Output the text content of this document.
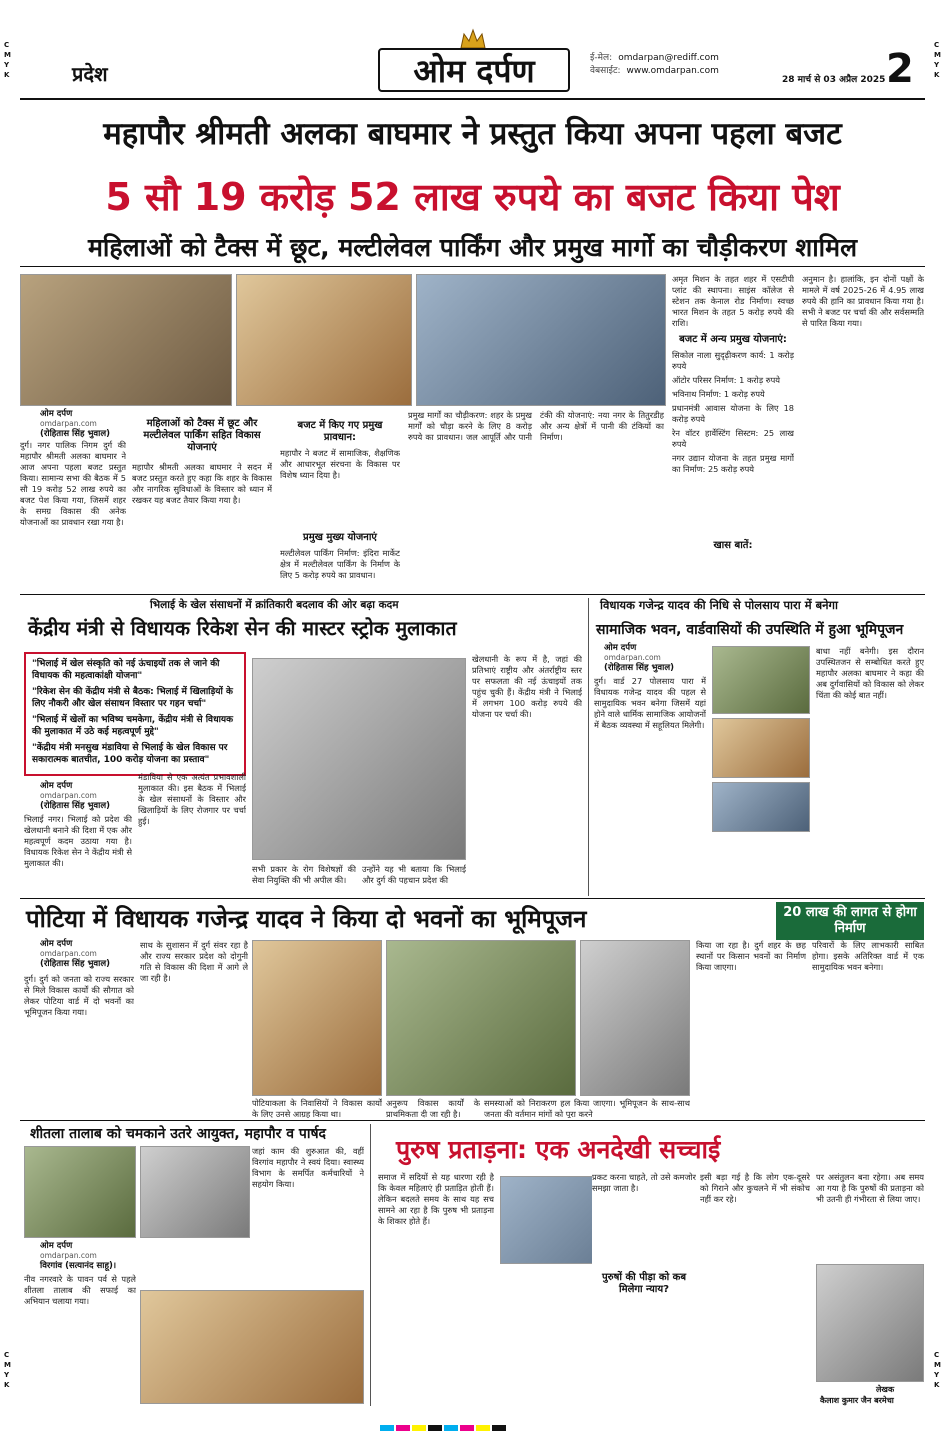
C
M
Y
K
C
M
Y
K
C
M
Y
K
C
M
Y
K
प्रदेश	ओम दर्पण	ई-मेल: omdarpan@rediff.com
वेबसाईट: www.omdarpan.com
28 मार्च से 03 अप्रैल 2025 2
महापौर श्रीमती अलका बाघमार ने प्रस्तुत किया अपना पहला बजट
5 सौ 19 करोड़ 52 लाख रुपये का बजट किया पेश
महिलाओं को टैक्स में छूट, मल्टीलेवल पार्किंग और प्रमुख मार्गो का चौड़ीकरण शामिल
ओम दर्पण
omdarpan.com
(रोहितास सिंह भुवाल)
दुर्ग। नगर पालिक निगम दुर्ग की महापौर श्रीमती अलका बाघमार ने आज अपना पहला बजट प्रस्तुत किया। सामान्य सभा की बैठक में 5 सौ 19 करोड़ 52 लाख रुपये का बजट पेश किया गया, जिसमें शहर के समग्र विकास की अनेक योजनाओं का प्रावधान रखा गया है।
महिलाओं को टैक्स में छूट और मल्टीलेवल पार्किंग सहित विकास योजनाएं
महापौर श्रीमती अलका बाघमार ने सदन में बजट प्रस्तुत करते हुए कहा कि शहर के विकास और नागरिक सुविधाओं के विस्तार को ध्यान में रखकर यह बजट तैयार किया गया है।
बजट में किए गए प्रमुख प्रावधान:
महापौर ने बजट में सामाजिक, शैक्षणिक और आधारभूत संरचना के विकास पर विशेष ध्यान दिया है।
प्रमुख मुख्य योजनाएं
मल्टीलेवल पार्किंग निर्माण: इंदिरा मार्केट क्षेत्र में मल्टीलेवल पार्किंग के निर्माण के लिए 5 करोड़ रुपये का प्रावधान।
प्रमुख मार्गों का चौड़ीकरण: शहर के प्रमुख मार्गों को चौड़ा करने के लिए 8 करोड़ रुपये का प्रावधान। जल आपूर्ति और पानी टंकी की योजनाएं: नया नगर के तितुरडीह और अन्य क्षेत्रों में पानी की टंकियों का निर्माण।
अमृत मिशन के तहत शहर में एसटीपी प्लांट की स्थापना। साइंस कॉलेज से स्टेशन तक केनाल रोड निर्माण। स्वच्छ भारत मिशन के तहत 5 करोड़ रुपये की राशि।
बजट में अन्य प्रमुख योजनाएं:
सिकोल नाला सुदृढ़ीकरण कार्य: 1 करोड़ रुपये
ऑटोर परिसर निर्माण: 1 करोड़ रुपये
भविनाथ निर्माण: 1 करोड़ रुपये
प्रधानमंत्री आवास योजना के लिए 18 करोड़ रुपये
रेन वॉटर हार्वेस्टिंग सिस्टम: 25 लाख रुपये
नगर उद्यान योजना के तहत प्रमुख मार्गो का निर्माण: 25 करोड़ रुपये
खास बातें:
अनुमान है। हालांकि, इन दोनों पक्षों के मामले में वर्ष 2025-26 में 4.95 लाख रुपये की हानि का प्रावधान किया गया है। सभी ने बजट पर चर्चा की और सर्वसम्मति से पारित किया गया।
भिलाई के खेल संसाधनों में क्रांतिकारी बदलाव की ओर बढ़ा कदम
केंद्रीय मंत्री से विधायक रिकेश सेन की मास्टर स्ट्रोक मुलाकात
"भिलाई में खेल संस्कृति को नई ऊंचाइयों तक ले जाने की विधायक की महत्वाकांक्षी योजना"
"रिकेश सेन की केंद्रीय मंत्री से बैठक: भिलाई में खिलाड़ियों के लिए नौकरी और खेल संसाधन विस्तार पर गहन चर्चा"
"भिलाई में खेलों का भविष्य चमकेगा, केंद्रीय मंत्री से विधायक की मुलाकात में उठे कई महत्वपूर्ण मुद्दे"
"केंद्रीय मंत्री मनसुख मंडाविया से भिलाई के खेल विकास पर सकारात्मक बातचीत, 100 करोड़ योजना का प्रस्ताव"
ओम दर्पण
omdarpan.com
(रोहितास सिंह भुवाल)
भिलाई नगर। भिलाई को प्रदेश की खेलधानी बनाने की दिशा में एक और महत्वपूर्ण कदम उठाया गया है। विधायक रिकेश सेन ने केंद्रीय मंत्री से मुलाकात की।
मंडाविया से एक अत्यंत प्रभावशाली मुलाकात की। इस बैठक में भिलाई के खेल संसाधनों के विस्तार और खिलाड़ियों के लिए रोजगार पर चर्चा हुई।
सभी प्रकार के रोग विशेषज्ञों की सेवा नियुक्ति की भी अपील की।
उन्होंने यह भी बताया कि भिलाई और दुर्ग की पहचान प्रदेश की
खेलधानी के रूप में है, जहां की प्रतिभाएं राष्ट्रीय और अंतर्राष्ट्रीय स्तर पर सफलता की नई ऊंचाइयों तक पहुंच चुकी हैं। केंद्रीय मंत्री ने भिलाई में लगभग 100 करोड़ रुपये की योजना पर चर्चा की।
विधायक गजेन्द्र यादव की निधि से पोलसाय पारा में बनेगा
सामाजिक भवन, वार्डवासियों की उपस्थिति में हुआ भूमिपूजन
ओम दर्पण
omdarpan.com
(रोहितास सिंह भुवाल)
दुर्ग। वार्ड 27 पोलसाय पारा में विधायक गजेन्द्र यादव की पहल से सामुदायिक भवन बनेगा जिसमें यहां होने वाले धार्मिक सामाजिक आयोजनों में बैठक व्यवस्था में सहूलियत मिलेगी।
बाधा नहीं बनेगी। इस दौरान उपस्थितजन से सम्बोधित करते हुए महापौर अलका बाघमार ने कहा की अब दुर्गवासियों को विकास को लेकर चिंता की कोई बात नहीं।
पोटिया में विधायक गजेन्द्र यादव ने किया दो भवनों का भूमिपूजन	20 लाख की लागत से होगा निर्माण
ओम दर्पण
omdarpan.com
(रोहितास सिंह भुवाल)
दुर्ग। दुर्ग को जनता को राज्य सरकार से मिले विकास कार्यों की सौगात को लेकर पोटिया वार्ड में दो भवनों का भूमिपूजन किया गया।
साथ के सुशासन में दुर्ग संवर रहा है और राज्य सरकार प्रदेश को दोगुनी गति से विकास की दिशा में आगे ले जा रही है।
पोटियाकला के निवासियों ने विकास कार्यों के लिए उनसे आग्रह किया था।
अनुरूप विकास कार्यों के प्राथमिकता दी जा रही है।
समस्याओं को निराकरण हल किया जाएगा। भूमिपूजन के साथ-साथ जनता की वर्तमान मांगों को पूरा करने
किया जा रहा है। दुर्ग शहर के छह स्थानों पर किसान भवनों का निर्माण किया जाएगा।
परिवारों के लिए लाभकारी साबित होगा। इसके अतिरिक्त वार्ड में एक सामुदायिक भवन बनेगा।
शीतला तालाब को चमकाने उतरे आयुक्त, महापौर व पार्षद
ओम दर्पण
omdarpan.com
विरगांव (सत्यानंद साहू)।
नीव नगरवारे के पावन पर्व से पहले शीतला तालाब की सफाई का अभियान चलाया गया।
जहां काम की शुरुआत की, वहीं विरगांव महापौर ने स्वयं दिया। स्वास्थ्य विभाग के समर्पित कर्मचारियों ने सहयोग किया।
पुरुष प्रताड़ना: एक अनदेखी सच्चाई
समाज में सदियों से यह धारणा रही है कि केवल महिलाएं ही प्रताड़ित होती हैं। लेकिन बदलते समय के साथ यह सच सामने आ रहा है कि पुरुष भी प्रताड़ना के शिकार होते हैं।
प्रकट करना चाहते, तो उसे कमजोर समझा जाता है।
पुरुषों की पीड़ा को कब मिलेगा न्याय?
इसी बड़ा गई है कि लोग एक-दूसरे को गिराने और कुचलने में भी संकोच नहीं कर रहे।
पर असंतुलन बना रहेगा। अब समय आ गया है कि पुरुषों की प्रताड़ना को भी उतनी ही गंभीरता से लिया जाए।
लेखक
कैलाश कुमार जैन बरमेचा
